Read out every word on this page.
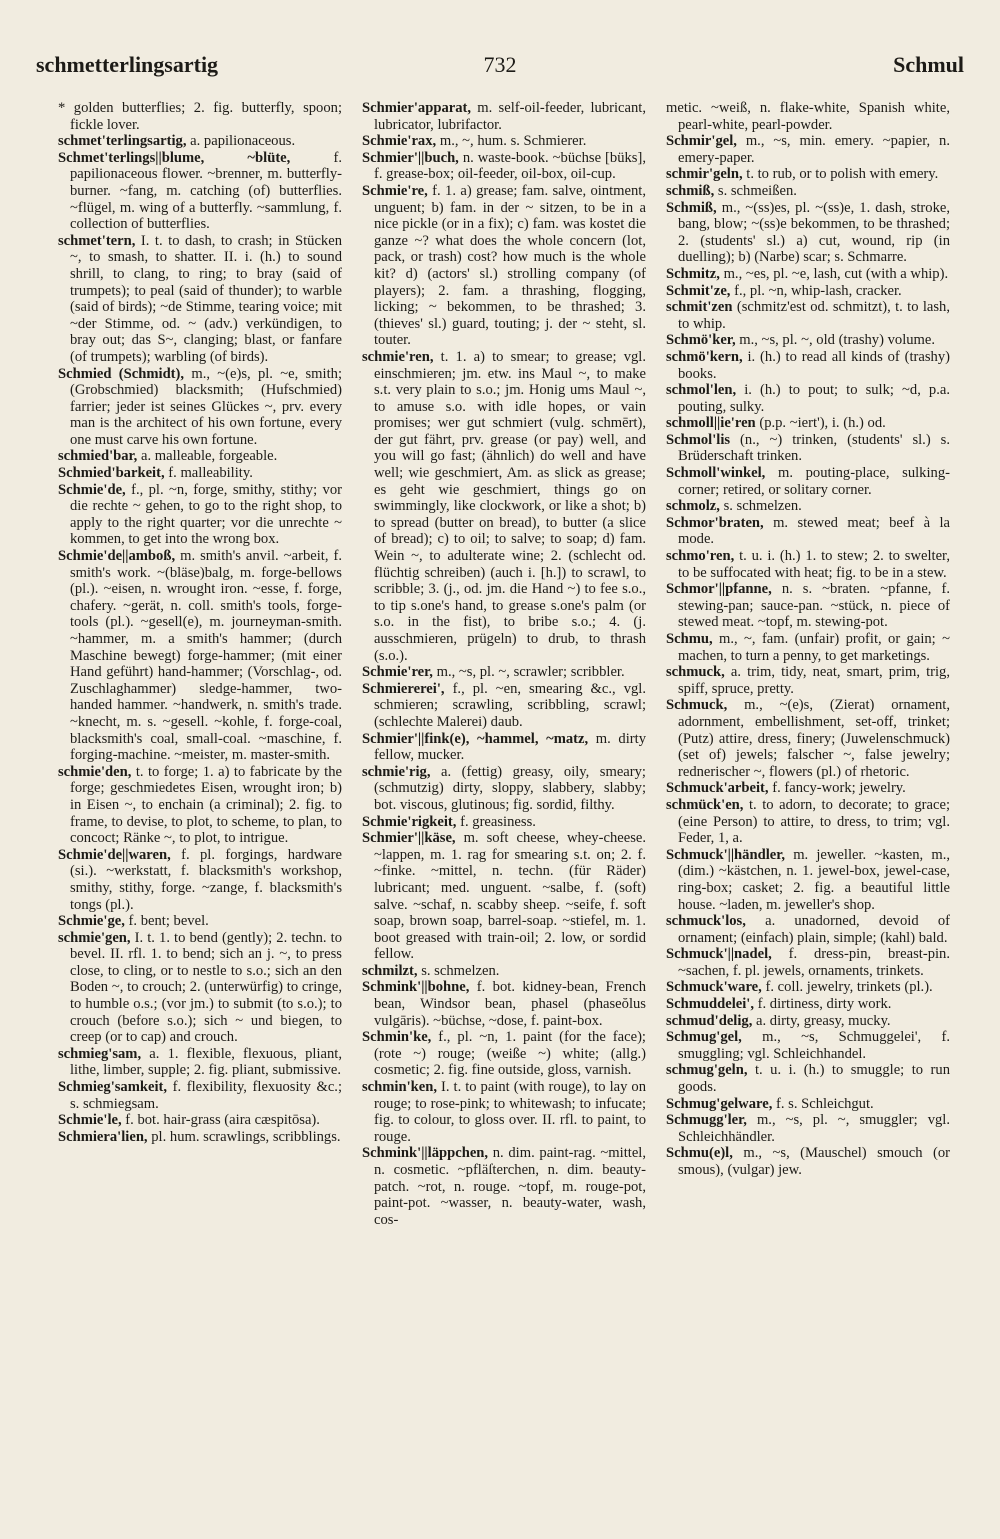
schmetterlingsartig	732	Schmul

* golden butterflies; 2. fig. butterfly, spoon; fickle lover.

schmet'terlingsartig, a. papilionaceous.

Schmet'terlings||blume, ~blüte,	f. papilionaceous flower. ~brenner, m. butterfly-burner. ~fang, m. catching (of) butterflies. ~flügel, m. wing of a butterfly. ~sammlung, f. collection of butterflies.

schmet'tern, I. t. to dash, to crash; in Stücken ~, to smash, to shatter. II. i. (h.) to sound shrill, to clang, to ring; to bray (said of trumpets); to peal (said of thunder); to warble (said of birds); ~de Stimme, tearing voice; mit ~der Stimme, od. ~ (adv.) verkündigen, to bray out; das S~, clanging; blast, or fanfare (of trumpets); warbling (of birds).

Schmied (Schmidt), m., ~(e)s, pl. ~e, smith; (Grobschmied) blacksmith; (Hufschmied) farrier; jeder ist seines Glückes ~, prv. every man is the architect of his own fortune, every one must carve his own fortune.

schmied'bar, a. malleable, forgeable.

Schmied'barkeit, f. malleability.

Schmie'de, f., pl. ~n, forge, smithy, stithy; vor die rechte ~ gehen, to go to the right shop, to apply to the right quarter; vor die unrechte ~ kommen, to get into the wrong box.

Schmie'de||amboß, m. smith's anvil. ~arbeit, f. smith's work. ~(bläse)balg, m. forge-bellows (pl.). ~eisen, n. wrought iron. ~esse, f. forge, chafery. ~gerät, n. coll. smith's tools, forge-tools (pl.). ~gesell(e), m. journeyman-smith. ~hammer, m. a smith's hammer; (durch Maschine bewegt) forge-hammer; (mit einer Hand geführt) hand-hammer; (Vorschlag-, od. Zuschlaghammer) sledge-hammer, two-handed hammer. ~handwerk, n. smith's trade. ~knecht, m. s. ~gesell. ~kohle, f. forge-coal, blacksmith's coal, small-coal. ~maschine, f. forging-machine. ~meister, m. master-smith.

schmie'den, t. to forge; 1. a) to fabricate by the forge; geschmiedetes Eisen, wrought iron; b) in Eisen ~, to enchain (a criminal); 2. fig. to frame, to devise, to plot, to scheme, to plan, to concoct; Ränke ~, to plot, to intrigue.

Schmie'de||waren, f. pl. forgings, hardware (si.). ~werkstatt, f. blacksmith's workshop, smithy, stithy, forge. ~zange, f. blacksmith's tongs (pl.).

Schmie'ge, f. bent; bevel.

schmie'gen, I. t. 1. to bend (gently); 2. techn. to bevel. II. rfl. 1. to bend; sich an j. ~, to press close, to cling, or to nestle to s.o.; sich an den Boden ~, to crouch; 2. (unterwürfig) to cringe, to humble o.s.; (vor jm.) to submit (to s.o.); to crouch (before s.o.); sich ~ und biegen, to creep (or to cap) and crouch.

schmieg'sam, a. 1. flexible, flexuous, pliant, lithe, limber, supple; 2. fig. pliant, submissive.

Schmieg'samkeit, f. flexibility, flexuosity &c.; s. schmiegsam.

Schmie'le, f. bot. hair-grass (aira cæspitōsa).

Schmiera'lien, pl. hum. scrawlings, scribblings.

Schmier'apparat, m. self-oil-feeder, lubricant, lubricator, lubrifactor.

Schmie'rax, m., ~, hum. s. Schmierer.

Schmier'||buch, n. waste-book. ~büchse [büks], f. grease-box; oil-feeder, oil-box, oil-cup.

Schmie're, f. 1. a) grease; fam. salve, ointment, unguent; b) fam. in der ~ sitzen, to be in a nice pickle (or in a fix); c) fam. was kostet die ganze ~? what does the whole concern (lot, pack, or trash) cost? how much is the whole kit? d) (actors' sl.) strolling company (of players); 2. fam. a thrashing, flogging, licking; ~ bekommen, to be thrashed; 3. (thieves' sl.) guard, touting; j. der ~ steht, sl. touter.

schmie'ren, t. 1. a) to smear; to grease; vgl. einschmieren; jm. etw. ins Maul ~, to make s.t. very plain to s.o.; jm. Honig ums Maul ~, to amuse s.o. with idle hopes, or vain promises; wer gut schmiert (vulg. schmērt), der gut fährt, prv. grease (or pay) well, and you will go fast; (ähnlich) do well and have well; wie geschmiert, Am. as slick as grease; es geht wie geschmiert, things go on swimmingly, like clockwork, or like a shot; b) to spread (butter on bread), to butter (a slice of bread); c) to oil; to salve; to soap; d) fam. Wein ~, to adulterate wine; 2. (schlecht od. flüchtig schreiben) (auch i. [h.]) to scrawl, to scribble; 3. (j., od. jm. die Hand ~) to fee s.o., to tip s.one's hand, to grease s.one's palm (or s.o. in the fist), to bribe s.o.; 4. (j. ausschmieren, prügeln) to drub, to thrash (s.o.).

Schmie'rer, m., ~s, pl. ~, scrawler; scribbler.

Schmiererei', f., pl. ~en, smearing &c., vgl. schmieren; scrawling, scribbling, scrawl; (schlechte Malerei) daub.

Schmier'||fink(e), ~hammel, ~matz, m. dirty fellow, mucker.

schmie'rig, a. (fettig) greasy, oily, smeary; (schmutzig) dirty, sloppy, slabbery, slabby; bot. viscous, glutinous; fig. sordid, filthy.

Schmie'rigkeit, f. greasiness.

Schmier'||käse, m. soft cheese, whey-cheese. ~lappen, m. 1. rag for smearing s.t. on; 2. f. ~finke. ~mittel, n. techn. (für Räder) lubricant; med. unguent. ~salbe, f. (soft) salve. ~schaf, n. scabby sheep. ~seife, f. soft soap, brown soap, barrel-soap. ~stiefel, m. 1. boot greased with train-oil; 2. low, or sordid fellow.

schmilzt, s. schmelzen.

Schmink'||bohne, f. bot. kidney-bean, French bean, Windsor bean, phasel (phaseŏlus vulgāris). ~büchse, ~dose, f. paint-box.

Schmin'ke, f., pl. ~n, 1. paint (for the face); (rote ~) rouge; (weiße ~) white; (allg.) cosmetic; 2. fig. fine outside, gloss, varnish.

schmin'ken, I. t. to paint (with rouge), to lay on rouge; to rose-pink; to whitewash; to infucate; fig. to colour, to gloss over. II. rfl. to paint, to rouge.

Schmink'||läppchen, n. dim. paint-rag. ~mittel, n. cosmetic. ~pfläſterchen, n. dim. beauty-patch. ~rot, n. rouge. ~topf, m. rouge-pot, paint-pot. ~wasser, n. beauty-water, wash, cos-

metic. ~weiß, n. flake-white, Spanish white, pearl-white, pearl-powder.

Schmir'gel, m., ~s, min. emery. ~papier, n. emery-paper.

schmir'geln, t. to rub, or to polish with emery.

schmiß, s. schmeißen.

Schmiß, m., ~(ss)es, pl. ~(ss)e, 1. dash, stroke, bang, blow; ~(ss)e bekommen, to be thrashed; 2. (students' sl.) a) cut, wound, rip (in duelling); b) (Narbe) scar; s. Schmarre.

Schmitz, m., ~es, pl. ~e, lash, cut (with a whip).

Schmit'ze, f., pl. ~n, whip-lash, cracker.

schmit'zen (schmitz'est od. schmitzt), t. to lash, to whip.

Schmö'ker, m., ~s, pl. ~, old (trashy) volume.

schmö'kern, i. (h.) to read all kinds of (trashy) books.

schmol'len, i. (h.) to pout; to sulk; ~d, p.a. pouting, sulky.

schmoll||ie'ren (p.p. ~iert'), i. (h.) od.

Schmol'lis (n., ~) trinken, (students' sl.) s. Brüderschaft trinken.

Schmoll'winkel, m. pouting-place, sulking-corner; retired, or solitary corner.

schmolz, s. schmelzen.

Schmor'braten, m. stewed meat; beef à la mode.

schmo'ren, t. u. i. (h.) 1. to stew; 2. to swelter, to be suffocated with heat; fig. to be in a stew.

Schmor'||pfanne, n. s. ~braten. ~pfanne, f. stewing-pan; sauce-pan. ~stück, n. piece of stewed meat. ~topf, m. stewing-pot.

Schmu, m., ~, fam. (unfair) profit, or gain; ~ machen, to turn a penny, to get marketings.

schmuck, a. trim, tidy, neat, smart, prim, trig, spiff, spruce, pretty.

Schmuck, m., ~(e)s, (Zierat) ornament, adornment, embellishment, set-off, trinket; (Putz) attire, dress, finery; (Juwelenschmuck) (set of) jewels; falscher ~, false jewelry; rednerischer ~, flowers (pl.) of rhetoric.

Schmuck'arbeit, f. fancy-work; jewelry.

schmück'en, t. to adorn, to decorate; to grace; (eine Person) to attire, to dress, to trim; vgl. Feder, 1, a.

Schmuck'||händler, m. jeweller. ~kasten, m., (dim.) ~kästchen, n. 1. jewel-box, jewel-case, ring-box; casket; 2. fig. a beautiful little house. ~laden, m. jeweller's shop.

schmuck'los, a. unadorned, devoid of ornament; (einfach) plain, simple; (kahl) bald.

Schmuck'||nadel, f. dress-pin, breast-pin. ~sachen, f. pl. jewels, ornaments, trinkets.

Schmuck'ware, f. coll. jewelry, trinkets (pl.).

Schmuddelei', f. dirtiness, dirty work.

schmud'delig, a. dirty, greasy, mucky.

Schmug'gel, m., ~s, Schmuggelei', f. smuggling; vgl. Schleichhandel.

schmug'geln, t. u. i. (h.) to smuggle; to run goods.

Schmug'gelware, f. s. Schleichgut.

Schmugg'ler, m., ~s, pl. ~, smuggler; vgl. Schleichhändler.

Schmu(e)l, m., ~s, (Mauschel) smouch (or smous), (vulgar) jew.
